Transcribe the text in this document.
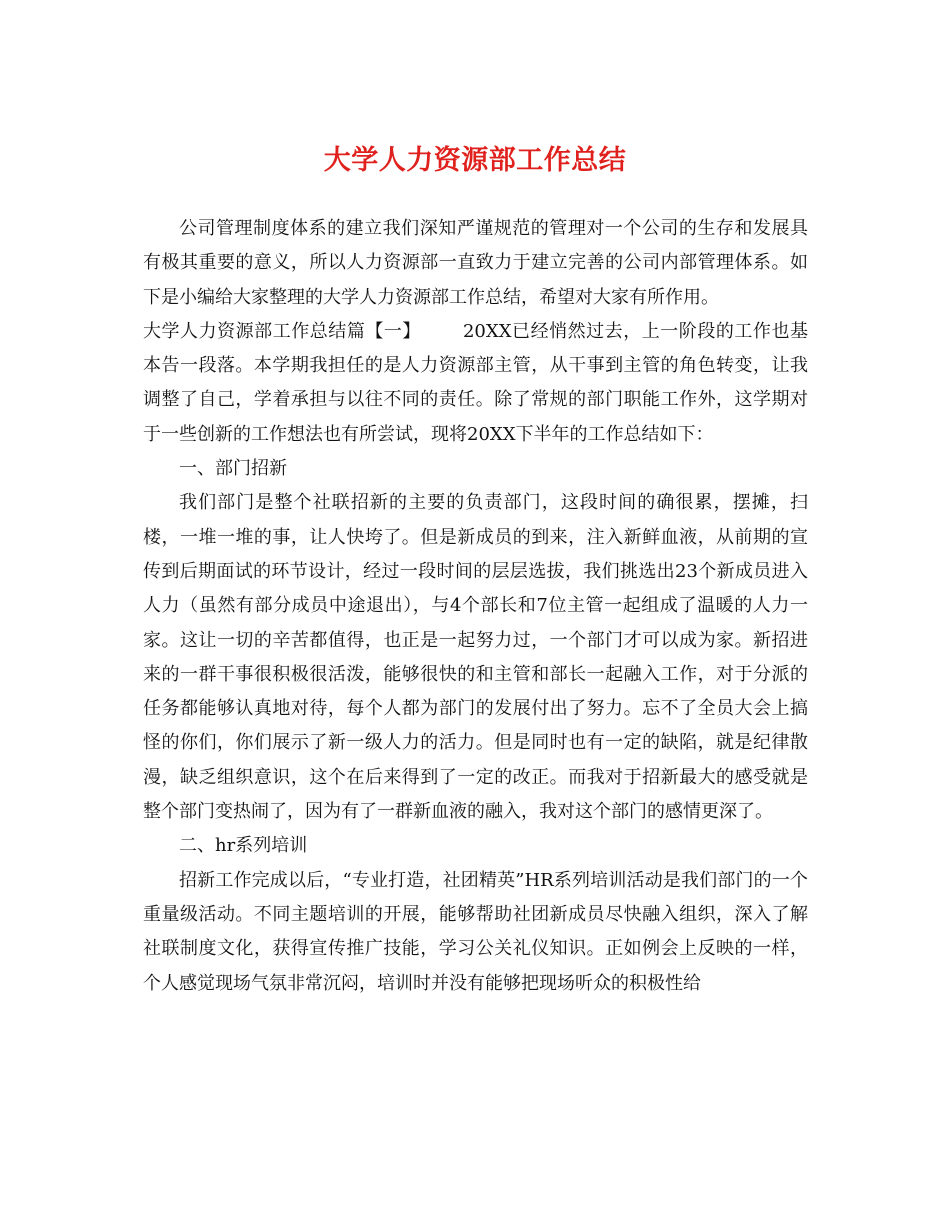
大学人力资源部工作总结

公司管理制度体系的建立我们深知严谨规范的管理对一个公司的生存和发展具有极其重要的意义，所以人力资源部一直致力于建立完善的公司内部管理体系。如下是小编给大家整理的大学人力资源部工作总结，希望对大家有所作用。

大学人力资源部工作总结篇【一】 20XX已经悄然过去，上一阶段的工作也基本告一段落。本学期我担任的是人力资源部主管，从干事到主管的角色转变，让我调整了自己，学着承担与以往不同的责任。除了常规的部门职能工作外，这学期对于一些创新的工作想法也有所尝试，现将20XX下半年的工作总结如下：

一、部门招新

我们部门是整个社联招新的主要的负责部门，这段时间的确很累，摆摊，扫楼，一堆一堆的事，让人快垮了。但是新成员的到来，注入新鲜血液，从前期的宣传到后期面试的环节设计，经过一段时间的层层选拔，我们挑选出23个新成员进入人力（虽然有部分成员中途退出），与4个部长和7位主管一起组成了温暖的人力一家。这让一切的辛苦都值得，也正是一起努力过，一个部门才可以成为家。新招进来的一群干事很积极很活泼，能够很快的和主管和部长一起融入工作，对于分派的任务都能够认真地对待，每个人都为部门的发展付出了努力。忘不了全员大会上搞怪的你们，你们展示了新一级人力的活力。但是同时也有一定的缺陷，就是纪律散漫，缺乏组织意识，这个在后来得到了一定的改正。而我对于招新最大的感受就是整个部门变热闹了，因为有了一群新血液的融入，我对这个部门的感情更深了。

二、hr系列培训

招新工作完成以后，“专业打造，社团精英”HR系列培训活动是我们部门的一个重量级活动。不同主题培训的开展，能够帮助社团新成员尽快融入组织，深入了解社联制度文化，获得宣传推广技能，学习公关礼仪知识。正如例会上反映的一样，个人感觉现场气氛非常沉闷，培训时并没有能够把现场听众的积极性给
